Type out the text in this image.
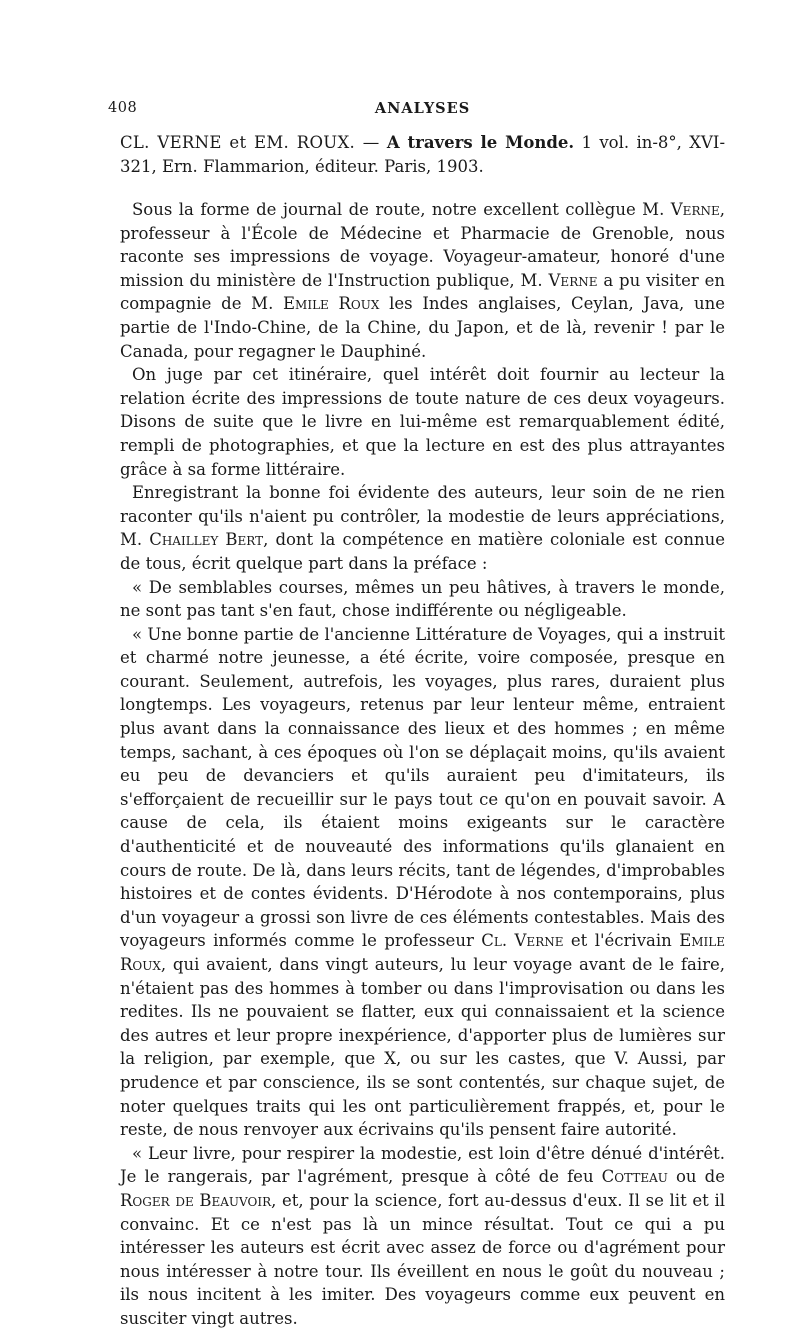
408	ANALYSES
CL. VERNE et EM. ROUX. — A travers le Monde. 1 vol. in-8°, XVI-321, Ern. Flammarion, éditeur. Paris, 1903.

Sous la forme de journal de route, notre excellent collègue M. Verne, professeur à l'École de Médecine et Pharmacie de Grenoble, nous raconte ses impressions de voyage. Voyageur-amateur, honoré d'une mission du ministère de l'Instruction publique, M. Verne a pu visiter en compagnie de M. Emile Roux les Indes anglaises, Ceylan, Java, une partie de l'Indo-Chine, de la Chine, du Japon, et de là, revenir ! par le Canada, pour regagner le Dauphiné.

On juge par cet itinéraire, quel intérêt doit fournir au lecteur la relation écrite des impressions de toute nature de ces deux voyageurs. Disons de suite que le livre en lui-même est remarquablement édité, rempli de photographies, et que la lecture en est des plus attrayantes grâce à sa forme littéraire.

Enregistrant la bonne foi évidente des auteurs, leur soin de ne rien raconter qu'ils n'aient pu contrôler, la modestie de leurs appréciations, M. Chailley Bert, dont la compétence en matière coloniale est connue de tous, écrit quelque part dans la préface :

« De semblables courses, mêmes un peu hâtives, à travers le monde, ne sont pas tant s'en faut, chose indifférente ou négligeable.

« Une bonne partie de l'ancienne Littérature de Voyages, qui a instruit et charmé notre jeunesse, a été écrite, voire composée, presque en courant. Seulement, autrefois, les voyages, plus rares, duraient plus longtemps. Les voyageurs, retenus par leur lenteur même, entraient plus avant dans la connaissance des lieux et des hommes ; en même temps, sachant, à ces époques où l'on se déplaçait moins, qu'ils avaient eu peu de devanciers et qu'ils auraient peu d'imitateurs, ils s'efforçaient de recueillir sur le pays tout ce qu'on en pouvait savoir. A cause de cela, ils étaient moins exigeants sur le caractère d'authenticité et de nouveauté des informations qu'ils glanaient en cours de route. De là, dans leurs récits, tant de légendes, d'improbables histoires et de contes évidents. D'Hérodote à nos contemporains, plus d'un voyageur a grossi son livre de ces éléments contestables. Mais des voyageurs informés comme le professeur Cl. Verne et l'écrivain Emile Roux, qui avaient, dans vingt auteurs, lu leur voyage avant de le faire, n'étaient pas des hommes à tomber ou dans l'improvisation ou dans les redites. Ils ne pouvaient se flatter, eux qui connaissaient et la science des autres et leur propre inexpérience, d'apporter plus de lumières sur la religion, par exemple, que X, ou sur les castes, que V. Aussi, par prudence et par conscience, ils se sont contentés, sur chaque sujet, de noter quelques traits qui les ont particulièrement frappés, et, pour le reste, de nous renvoyer aux écrivains qu'ils pensent faire autorité.

« Leur livre, pour respirer la modestie, est loin d'être dénué d'intérêt. Je le rangerais, par l'agrément, presque à côté de feu Cotteau ou de Roger de Beauvoir, et, pour la science, fort au-dessus d'eux. Il se lit et il convainc. Et ce n'est pas là un mince résultat. Tout ce qui a pu intéresser les auteurs est écrit avec assez de force ou d'agrément pour nous intéresser à notre tour. Ils éveillent en nous le goût du nouveau ; ils nous incitent à les imiter. Des voyageurs comme eux peuvent en susciter vingt autres.
